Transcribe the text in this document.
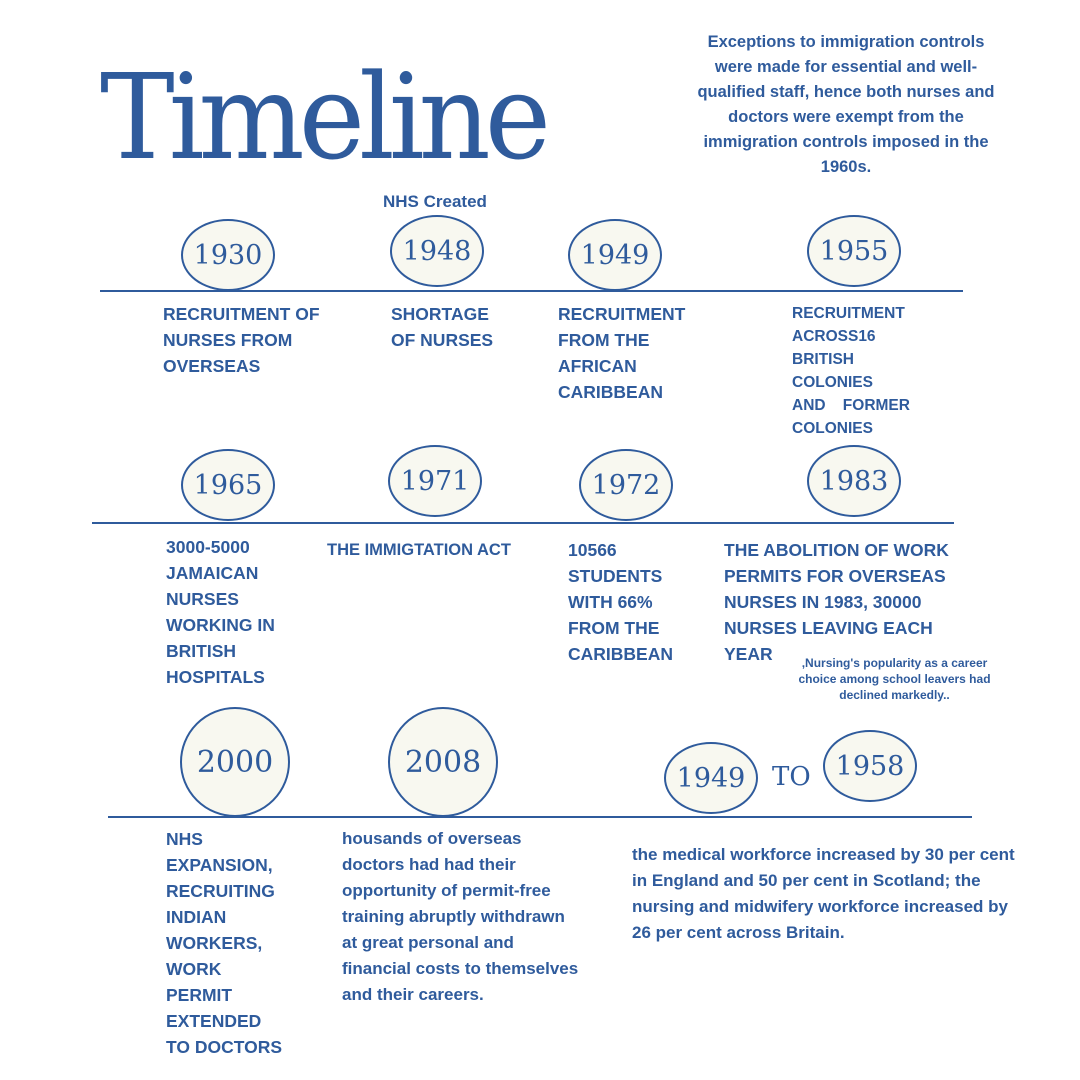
Timeline
Exceptions to immigration controls were made for essential and well-qualified staff, hence both nurses and doctors were exempt from the immigration controls imposed in the 1960s.
NHS Created
1930	1948	1949	1955
RECRUITMENT OF
NURSES FROM
OVERSEAS
SHORTAGE
OF NURSES
RECRUITMENT
FROM THE
AFRICAN
CARIBBEAN
RECRUITMENT
ACROSS16
BRITISH
COLONIES
AND    FORMER
COLONIES
1965	1971	1972	1983
3000-5000
JAMAICAN
NURSES
WORKING IN
BRITISH
HOSPITALS
THE IMMIGTATION ACT	10566
STUDENTS
WITH 66%
FROM THE
CARIBBEAN
THE ABOLITION OF WORK
PERMITS FOR OVERSEAS
NURSES IN 1983, 30000
NURSES LEAVING EACH
YEAR	,Nursing's popularity as a career choice among school leavers had declined markedly..
2000	2008	1949	TO 1958
NHS
EXPANSION,
RECRUITING
INDIAN
WORKERS,
WORK
PERMIT
EXTENDED
TO DOCTORS
housands of overseas doctors had had their opportunity of permit-free training abruptly withdrawn at great personal and financial costs to themselves and their careers.
the medical workforce increased by 30 per cent in England and 50 per cent in Scotland; the nursing and midwifery workforce increased by 26 per cent across Britain.
